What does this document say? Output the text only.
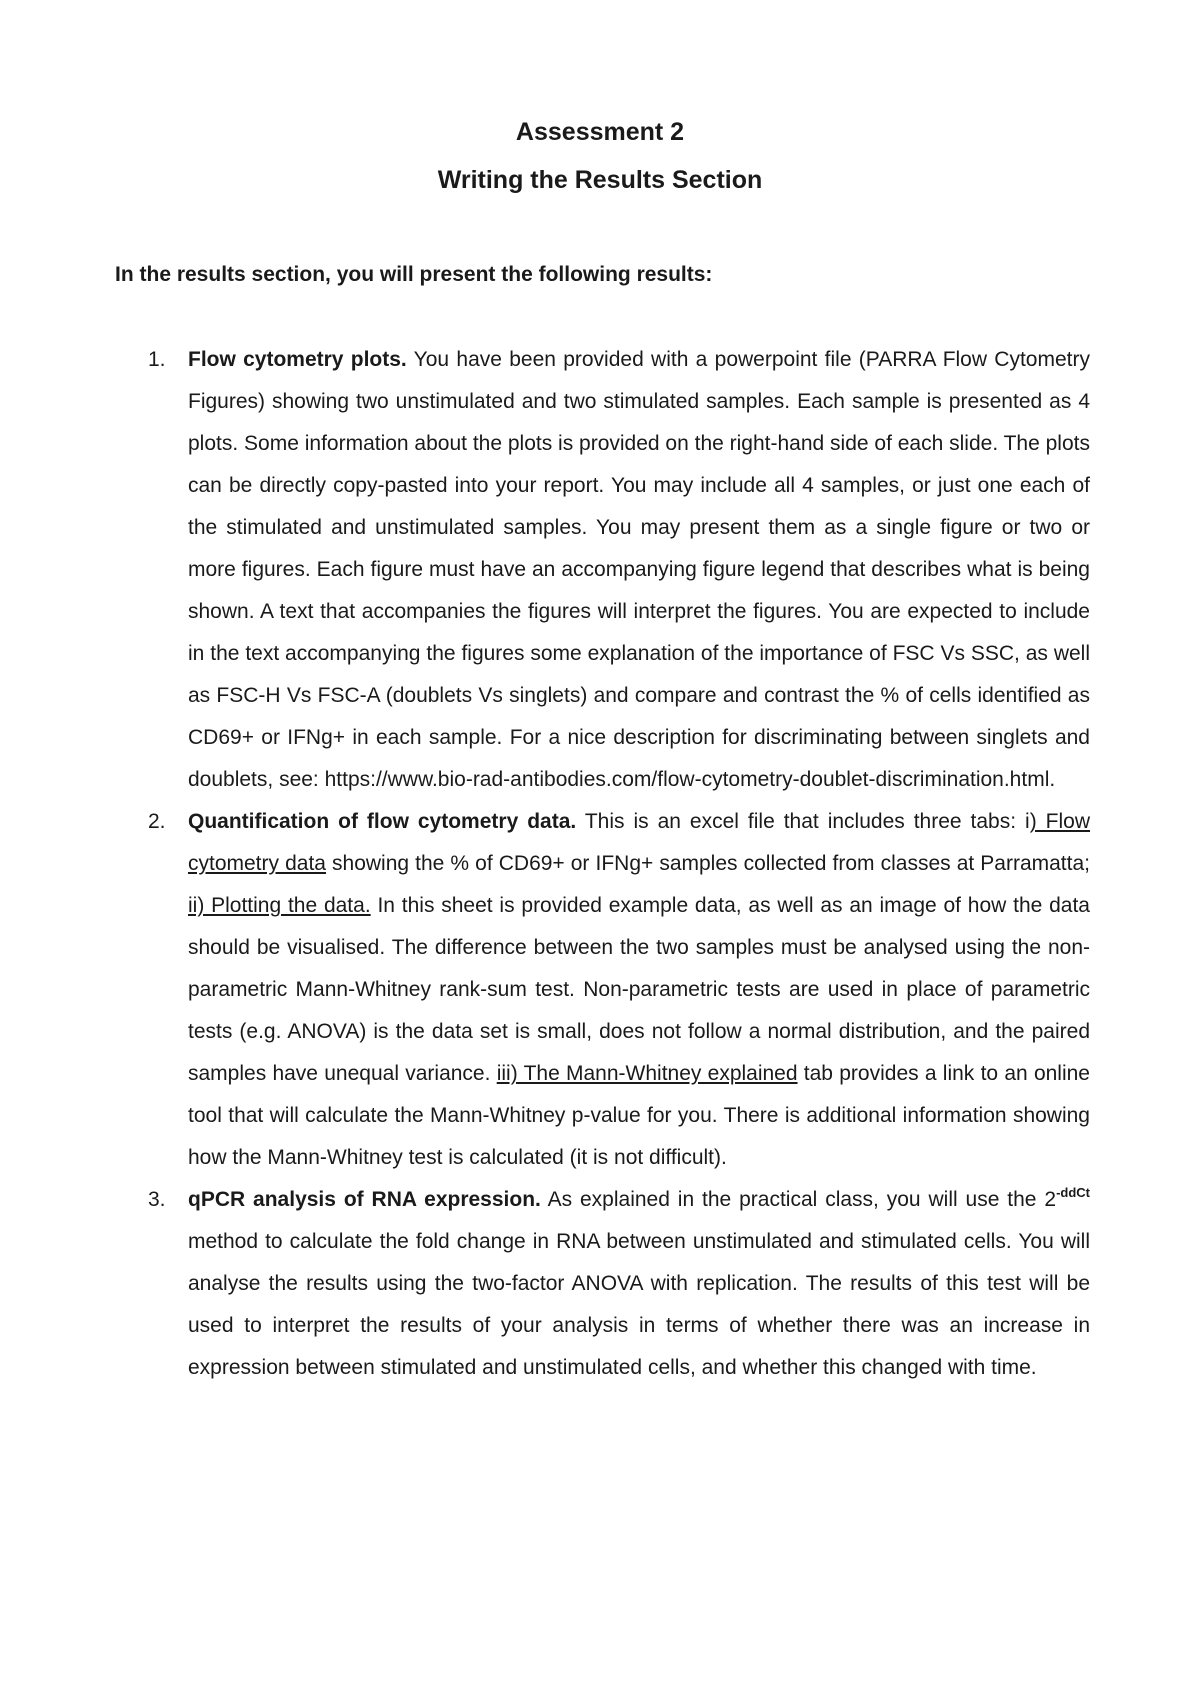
Assessment 2
Writing the Results Section
In the results section, you will present the following results:
1. Flow cytometry plots. You have been provided with a powerpoint file (PARRA Flow Cytometry Figures) showing two unstimulated and two stimulated samples. Each sample is presented as 4 plots. Some information about the plots is provided on the right-hand side of each slide. The plots can be directly copy-pasted into your report. You may include all 4 samples, or just one each of the stimulated and unstimulated samples. You may present them as a single figure or two or more figures. Each figure must have an accompanying figure legend that describes what is being shown. A text that accompanies the figures will interpret the figures. You are expected to include in the text accompanying the figures some explanation of the importance of FSC Vs SSC, as well as FSC-H Vs FSC-A (doublets Vs singlets) and compare and contrast the % of cells identified as CD69+ or IFNg+ in each sample. For a nice description for discriminating between singlets and doublets, see: https://www.bio-rad-antibodies.com/flow-cytometry-doublet-discrimination.html.
2. Quantification of flow cytometry data. This is an excel file that includes three tabs: i) Flow cytometry data showing the % of CD69+ or IFNg+ samples collected from classes at Parramatta; ii) Plotting the data. In this sheet is provided example data, as well as an image of how the data should be visualised. The difference between the two samples must be analysed using the non-parametric Mann-Whitney rank-sum test. Non-parametric tests are used in place of parametric tests (e.g. ANOVA) is the data set is small, does not follow a normal distribution, and the paired samples have unequal variance. iii) The Mann-Whitney explained tab provides a link to an online tool that will calculate the Mann-Whitney p-value for you. There is additional information showing how the Mann-Whitney test is calculated (it is not difficult).
3. qPCR analysis of RNA expression. As explained in the practical class, you will use the $2^{-ddCt}$ method to calculate the fold change in RNA between unstimulated and stimulated cells. You will analyse the results using the two-factor ANOVA with replication. The results of this test will be used to interpret the results of your analysis in terms of whether there was an increase in expression between stimulated and unstimulated cells, and whether this changed with time.
